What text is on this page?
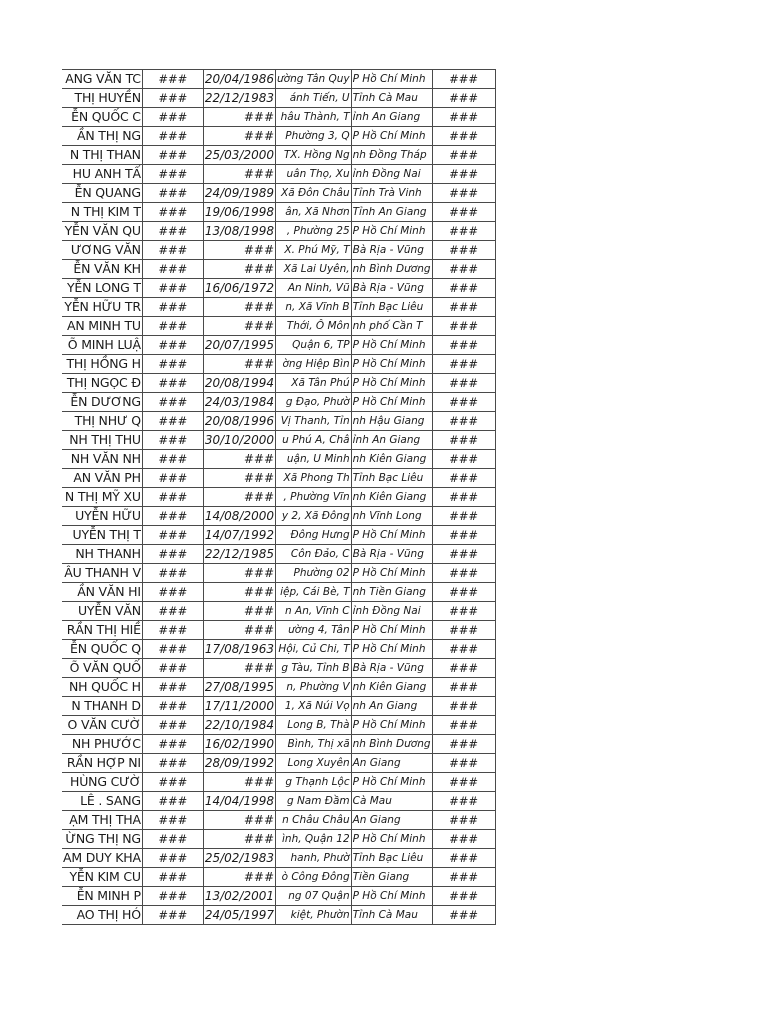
ANG VĂN TC	###	20/04/1986	ường Tân Quy	P Hồ Chí Minh	###
THỊ HUYỀN	###	22/12/1983	ánh Tiến, U	Tỉnh Cà Mau	###
ỄN QUỐC C	###	###	hâu Thành, T	ỉnh An Giang	###
ẦN THỊ NG	###	###	Phường 3, Q	P Hồ Chí Minh	###
N THỊ THAN	###	25/03/2000	TX. Hồng Ng	nh Đồng Tháp	###
HU ANH TẤ	###	###	uân Thọ, Xu	ỉnh Đồng Nai	###
ỄN QUANG	###	24/09/1989	Xã Đôn Châu	Tỉnh Trà Vinh	###
N THỊ KIM T	###	19/06/1998	ân, Xã Nhơn	Tỉnh An Giang	###
YỄN VĂN QU	###	13/08/1998	, Phường 25	P Hồ Chí Minh	###
ƯƠNG VĂN	###	###	X. Phú Mỹ, T	Bà Rịa - Vũng	###
ỄN VĂN KH	###	###	Xã Lai Uyên,	nh Bình Dương	###
YỄN LONG T	###	16/06/1972	An Ninh, Vũ	Bà Rịa - Vũng	###
YỄN HỮU TR	###	###	n, Xã Vĩnh B	Tỉnh Bạc Liêu	###
AN MINH TU	###	###	Thới, Ô Môn	nh phố Cần T	###
Õ MINH LUẬ	###	20/07/1995	Quận 6, TP	P Hồ Chí Minh	###
THỊ HỒNG H	###	###	ờng Hiệp Bìn	P Hồ Chí Minh	###
THỊ NGỌC Đ	###	20/08/1994	Xã Tân Phú	P Hồ Chí Minh	###
ỄN DƯƠNG	###	24/03/1984	g Đạo, Phườ	P Hồ Chí Minh	###
THỊ NHƯ Q	###	20/08/1996	Vị Thanh, Tỉn	nh Hậu Giang	###
NH THỊ THU	###	30/10/2000	u Phú A, Châ	ỉnh An Giang	###
NH VĂN NH	###	###	uận, U Minh	nh Kiên Giang	###
AN VĂN PH	###	###	Xã Phong Th	Tỉnh Bạc Liêu	###
N THỊ MỸ XU	###	###	, Phường Vĩn	nh Kiên Giang	###
UYỄN HỮU	###	14/08/2000	y 2, Xã Đông	nh Vĩnh Long	###
UYỄN THỊ T	###	14/07/1992	Đông Hưng	P Hồ Chí Minh	###
NH THANH	###	22/12/1985	Côn Đảo, C	Bà Rịa - Vũng	###
ÂU THANH V	###	###	Phường 02	P Hồ Chí Minh	###
ẦN VĂN HI	###	###	iệp, Cái Bè, T	nh Tiền Giang	###
UYỄN VĂN	###	###	n An, Vĩnh C	ỉnh Đồng Nai	###
RẦN THỊ HIỀ	###	###	ường 4, Tân	P Hồ Chí Minh	###
ỄN QUỐC Q	###	17/08/1963	Hội, Củ Chi, T	P Hồ Chí Minh	###
Õ VĂN QUỐ	###	###	g Tàu, Tỉnh B	Bà Rịa - Vũng	###
NH QUỐC H	###	27/08/1995	n, Phường V	nh Kiên Giang	###
N THANH D	###	17/11/2000	1, Xã Núi Vọ	nh An Giang	###
O VĂN CƯỜ	###	22/10/1984	Long B, Thà	P Hồ Chí Minh	###
NH PHƯỚC	###	16/02/1990	Bình, Thị xã	nh Bình Dương	###
RẦN HỢP NI	###	28/09/1992	Long Xuyên	An Giang	###
HÙNG CƯỜ	###	###	g Thạnh Lộc	P Hồ Chí Minh	###
LÊ . SANG	###	14/04/1998	g Nam Đầm	Cà Mau	###
ẠM THỊ THA	###	###	n Châu Châu	An Giang	###
ỪNG THỊ NG	###	###	ình, Quận 12	P Hồ Chí Minh	###
AM DUY KHA	###	25/02/1983	hanh, Phườ	Tỉnh Bạc Liêu	###
YỄN KIM CU	###	###	ò Công Đông	Tiền Giang	###
ỄN MINH P	###	13/02/2001	ng 07 Quận	P Hồ Chí Minh	###
AO THỊ HÓ	###	24/05/1997	kiệt, Phườn	Tỉnh Cà Mau	###
